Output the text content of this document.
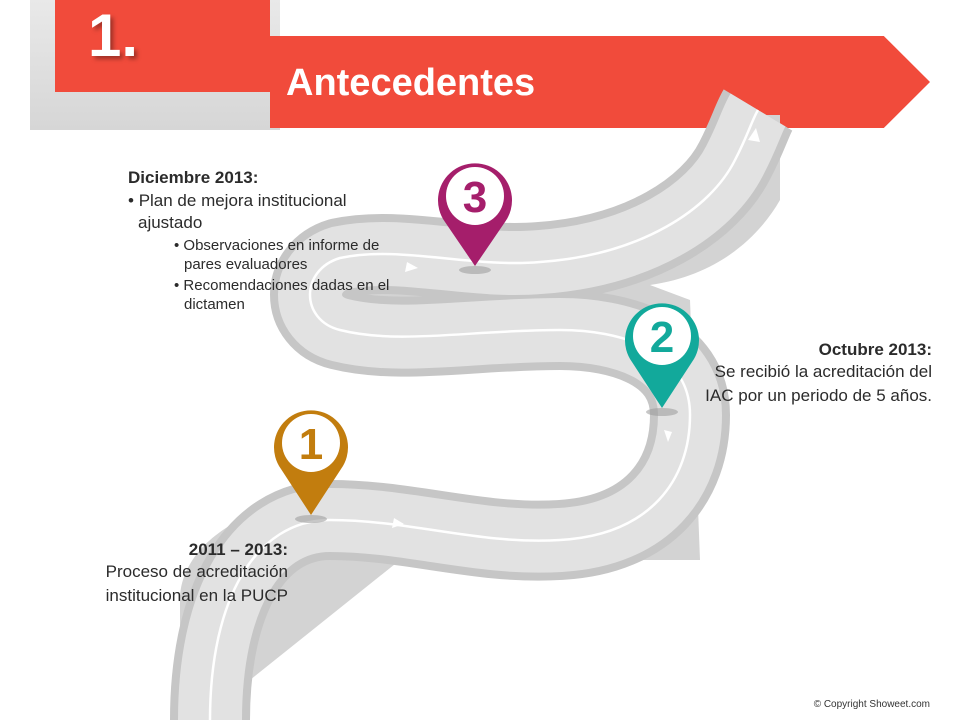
1.
Antecedentes
3
2
1
Diciembre 2013:
• Plan de mejora institucional ajustado
• Observaciones en informe de pares evaluadores
• Recomendaciones dadas en el dictamen
Octubre 2013:
Se recibió la acreditación del IAC por un periodo de 5 años.
2011 – 2013:
Proceso de acreditación institucional en la PUCP
© Copyright Showeet.com
